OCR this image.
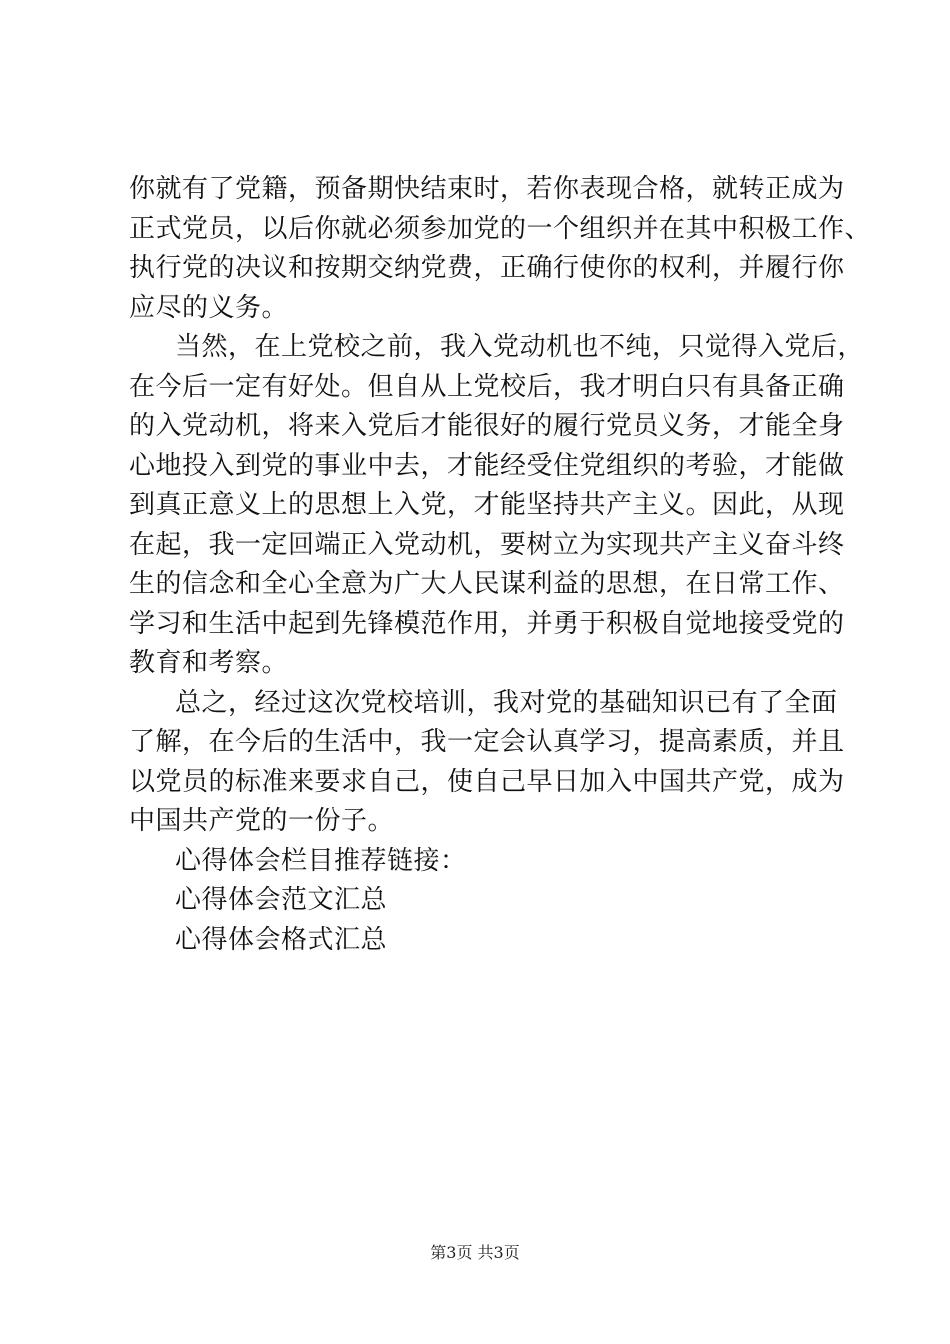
你就有了党籍，预备期快结束时，若你表现合格，就转正成为
正式党员，以后你就必须参加党的一个组织并在其中积极工作、
执行党的决议和按期交纳党费，正确行使你的权利，并履行你
应尽的义务。
当然，在上党校之前，我入党动机也不纯，只觉得入党后，
在今后一定有好处。但自从上党校后，我才明白只有具备正确
的入党动机，将来入党后才能很好的履行党员义务，才能全身
心地投入到党的事业中去，才能经受住党组织的考验，才能做
到真正意义上的思想上入党，才能坚持共产主义。因此，从现
在起，我一定回端正入党动机，要树立为实现共产主义奋斗终
生的信念和全心全意为广大人民谋利益的思想，在日常工作、
学习和生活中起到先锋模范作用，并勇于积极自觉地接受党的
教育和考察。
总之，经过这次党校培训，我对党的基础知识已有了全面
了解，在今后的生活中，我一定会认真学习，提高素质，并且
以党员的标准来要求自己，使自己早日加入中国共产党，成为
中国共产党的一份子。
心得体会栏目推荐链接：
心得体会范文汇总
心得体会格式汇总
第3页 共3页
